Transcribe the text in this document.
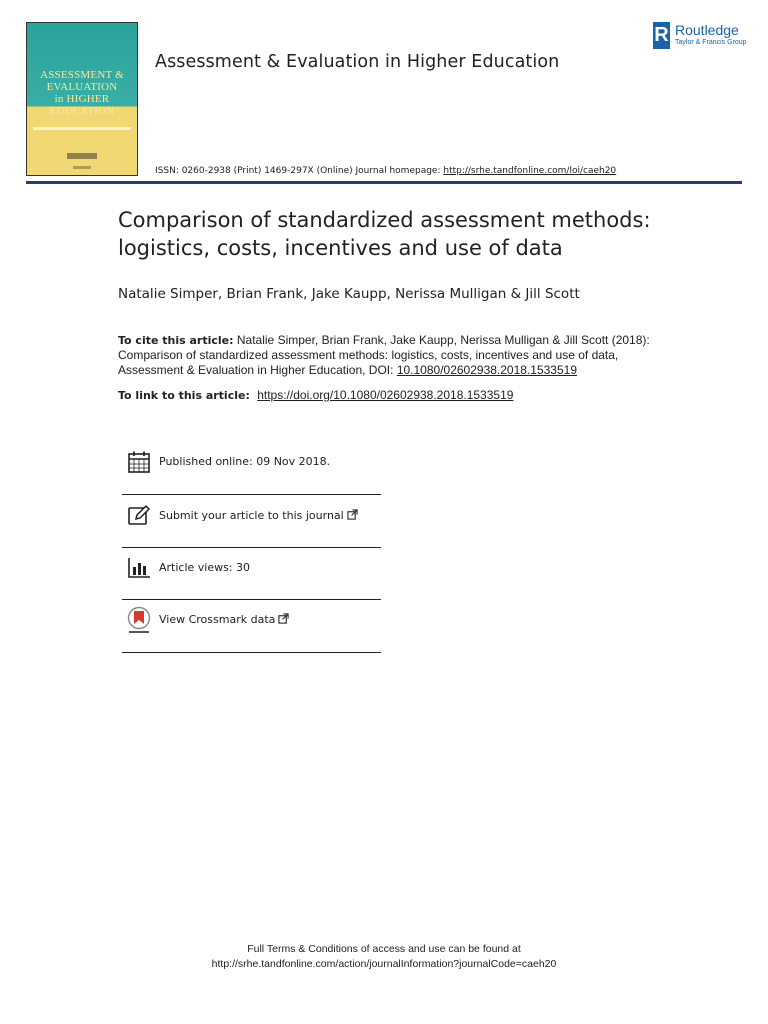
ASSESSMENT &
EVALUATION
in HIGHER
EDUCATION
Assessment & Evaluation in Higher Education
R Routledge
Taylor & Francis Group
ISSN: 0260-2938 (Print) 1469-297X (Online) Journal homepage: http://srhe.tandfonline.com/loi/caeh20
Comparison of standardized assessment methods: logistics, costs, incentives and use of data
Natalie Simper, Brian Frank, Jake Kaupp, Nerissa Mulligan & Jill Scott
To cite this article: Natalie Simper, Brian Frank, Jake Kaupp, Nerissa Mulligan & Jill Scott (2018): Comparison of standardized assessment methods: logistics, costs, incentives and use of data, Assessment & Evaluation in Higher Education, DOI: 10.1080/02602938.2018.1533519
To link to this article: https://doi.org/10.1080/02602938.2018.1533519
Published online: 09 Nov 2018.
Submit your article to this journal
Article views: 30
View Crossmark data
Full Terms & Conditions of access and use can be found at
http://srhe.tandfonline.com/action/journalInformation?journalCode=caeh20
